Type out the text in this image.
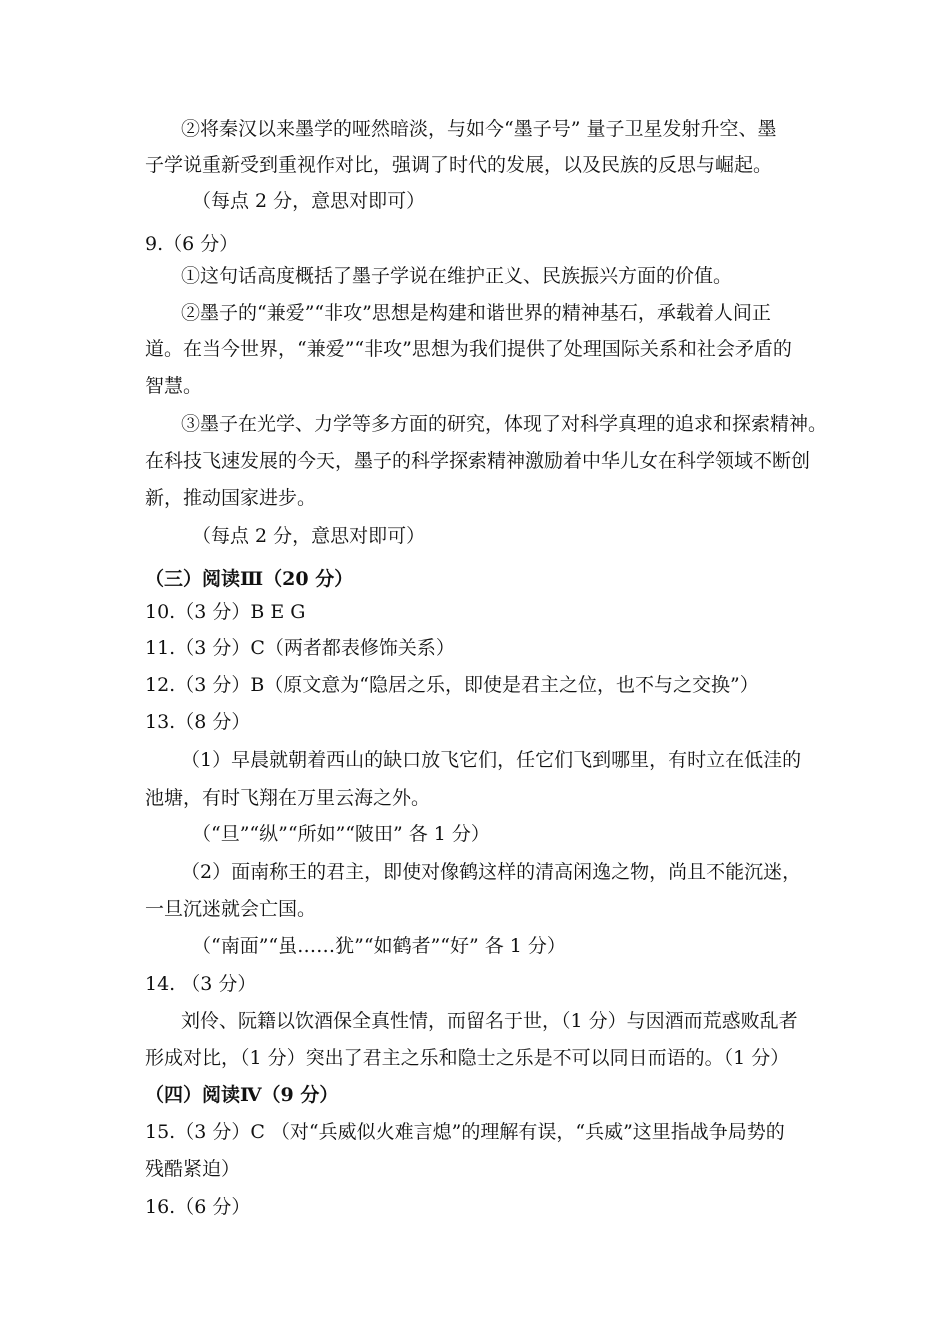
②将秦汉以来墨学的哑然暗淡，与如今“墨子号” 量子卫星发射升空、墨
子学说重新受到重视作对比，强调了时代的发展，以及民族的反思与崛起。
（每点 2 分，意思对即可）
9.（6 分）
①这句话高度概括了墨子学说在维护正义、民族振兴方面的价值。
②墨子的“兼爱”“非攻”思想是构建和谐世界的精神基石，承载着人间正
道。在当今世界，“兼爱”“非攻”思想为我们提供了处理国际关系和社会矛盾的
智慧。
③墨子在光学、力学等多方面的研究，体现了对科学真理的追求和探索精神。
在科技飞速发展的今天，墨子的科学探索精神激励着中华儿女在科学领域不断创
新，推动国家进步。
（每点 2 分，意思对即可）
（三）阅读Ⅲ（20 分）
10.（3 分）B E G
11.（3 分）C（两者都表修饰关系）
12.（3 分）B（原文意为“隐居之乐，即使是君主之位，也不与之交换”）
13.（8 分）
（1）早晨就朝着西山的缺口放飞它们，任它们飞到哪里，有时立在低洼的
池塘，有时飞翔在万里云海之外。
（“旦”“纵”“所如”“陂田” 各 1 分）
（2）面南称王的君主，即使对像鹤这样的清高闲逸之物，尚且不能沉迷，
一旦沉迷就会亡国。
（“南面”“虽……犹”“如鹤者”“好” 各 1 分）
14. （3 分）
刘伶、阮籍以饮酒保全真性情，而留名于世，（1 分）与因酒而荒惑败乱者
形成对比，（1 分）突出了君主之乐和隐士之乐是不可以同日而语的。（1 分）
（四）阅读Ⅳ（9 分）
15.（3 分）C （对“兵威似火难言熄”的理解有误，“兵威”这里指战争局势的
残酷紧迫）
16.（6 分）
